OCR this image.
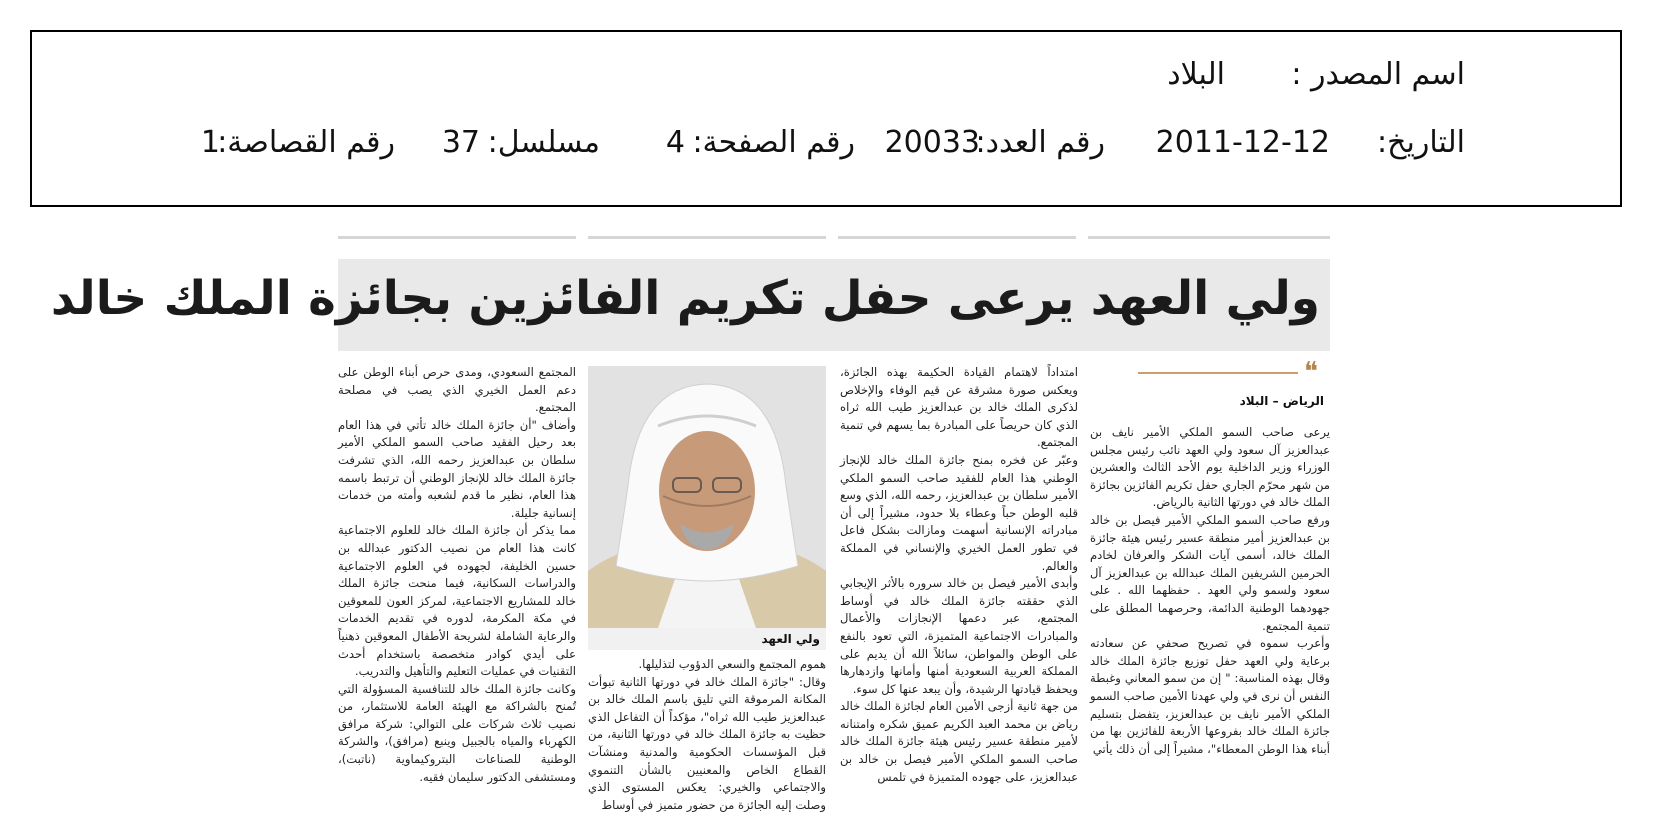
اسم المصدر :
البلاد
التاريخ:
2011-12-12
رقم العدد:
20033
رقم الصفحة:
4
مسلسل:
37
رقم القصاصة:
1
ولي العهد يرعى حفل تكريم الفائزين بجائزة الملك خالد
❝
الرياض – البلاد

يرعى صاحب السمو الملكي الأمير نايف بن عبدالعزيز آل سعود ولي العهد نائب رئيس مجلس الوزراء وزير الداخلية يوم الأحد الثالث والعشرين من شهر محرّم الجاري حفل تكريم الفائزين بجائزة الملك خالد في دورتها الثانية بالرياض.

ورفع صاحب السمو الملكي الأمير فيصل بن خالد بن عبدالعزيز أمير منطقة عسير رئيس هيئة جائزة الملك خالد، أسمى آيات الشكر والعرفان لخادم الحرمين الشريفين الملك عبدالله بن عبدالعزيز آل سعود ولسمو ولي العهد . حفظهما الله . على جهودهما الوطنية الدائمة، وحرصهما المطلق على تنمية المجتمع.

وأعرب سموه في تصريح صحفي عن سعادته برعاية ولي العهد حفل توزيع جائزة الملك خالد وقال بهذه المناسبة: " إن من سمو المعاني وغبطة النفس أن نرى في ولي عهدنا الأمين صاحب السمو الملكي الأمير نايف بن عبدالعزيز، يتفضل بتسليم جائزة الملك خالد بفروعها الأربعة للفائزين بها من أبناء هذا الوطن المعطاء"، مشيراً إلى أن ذلك يأتي

امتداداً لاهتمام القيادة الحكيمة بهذه الجائزة، ويعكس صورة مشرقة عن قيم الوفاء والإخلاص لذكرى الملك خالد بن عبدالعزيز طيب الله ثراه الذي كان حريصاً على المبادرة بما يسهم في تنمية المجتمع.

وعبّر عن فخره بمنح جائزة الملك خالد للإنجاز الوطني هذا العام للفقيد صاحب السمو الملكي الأمير سلطان بن عبدالعزيز، رحمه الله، الذي وسع قلبه الوطن حباً وعطاء بلا حدود، مشيراً إلى أن مبادراته الإنسانية أسهمت ومازالت بشكل فاعل في تطور العمل الخيري والإنساني في المملكة والعالم.

وأبدى الأمير فيصل بن خالد سروره بالأثر الإيجابي الذي حققته جائزة الملك خالد في أوساط المجتمع، عبر دعمها الإنجازات والأعمال والمبادرات الاجتماعية المتميزة، التي تعود بالنفع على الوطن والمواطن، سائلاً الله أن يديم على المملكة العربية السعودية أمنها وأمانها وازدهارها ويحفظ قيادتها الرشيدة، وأن يبعد عنها كل سوء.

من جهة ثانية أزجى الأمين العام لجائزة الملك خالد رياض بن محمد العبد الكريم عميق شكره وامتنانه لأمير منطقة عسير رئيس هيئة جائزة الملك خالد صاحب السمو الملكي الأمير فيصل بن خالد بن عبدالعزيز، على جهوده المتميزة في تلمس

ولي العهد

هموم المجتمع والسعي الدؤوب لتذليلها.

وقال: "جائزة الملك خالد في دورتها الثانية تبوأت المكانة المرموقة التي تليق باسم الملك خالد بن عبدالعزيز طيب الله ثراه"، مؤكداً أن التفاعل الذي حظيت به جائزة الملك خالد في دورتها الثانية، من قبل المؤسسات الحكومية والمدنية ومنشآت القطاع الخاص والمعنيين بالشأن التنموي والاجتماعي والخيري: يعكس المستوى الذي وصلت إليه الجائزة من حضور متميز في أوساط

المجتمع السعودي، ومدى حرص أبناء الوطن على دعم العمل الخيري الذي يصب في مصلحة المجتمع.

وأضاف "أن جائزة الملك خالد تأتي في هذا العام بعد رحيل الفقيد صاحب السمو الملكي الأمير سلطان بن عبدالعزيز رحمه الله، الذي تشرفت جائزة الملك خالد للإنجاز الوطني أن ترتبط باسمه هذا العام، نظير ما قدم لشعبه وأمته من خدمات إنسانية جليلة.

مما يذكر أن جائزة الملك خالد للعلوم الاجتماعية كانت هذا العام من نصيب الدكتور عبدالله بن حسين الخليفة، لجهوده في العلوم الاجتماعية والدراسات السكانية، فيما منحت جائزة الملك خالد للمشاريع الاجتماعية، لمركز العون للمعوقين في مكة المكرمة، لدوره في تقديم الخدمات والرعاية الشاملة لشريحة الأطفال المعوقين ذهنياً على أيدي كوادر متخصصة باستخدام أحدث التقنيات في عمليات التعليم والتأهيل والتدريب.

وكانت جائزة الملك خالد للتنافسية المسؤولة التي تُمنح بالشراكة مع الهيئة العامة للاستثمار، من نصيب ثلاث شركات على التوالي: شركة مرافق الكهرباء والمياه بالجبيل وينبع (مرافق)، والشركة الوطنية للصناعات البتروكيماوية (ناتبت)، ومستشفى الدكتور سليمان فقيه.
